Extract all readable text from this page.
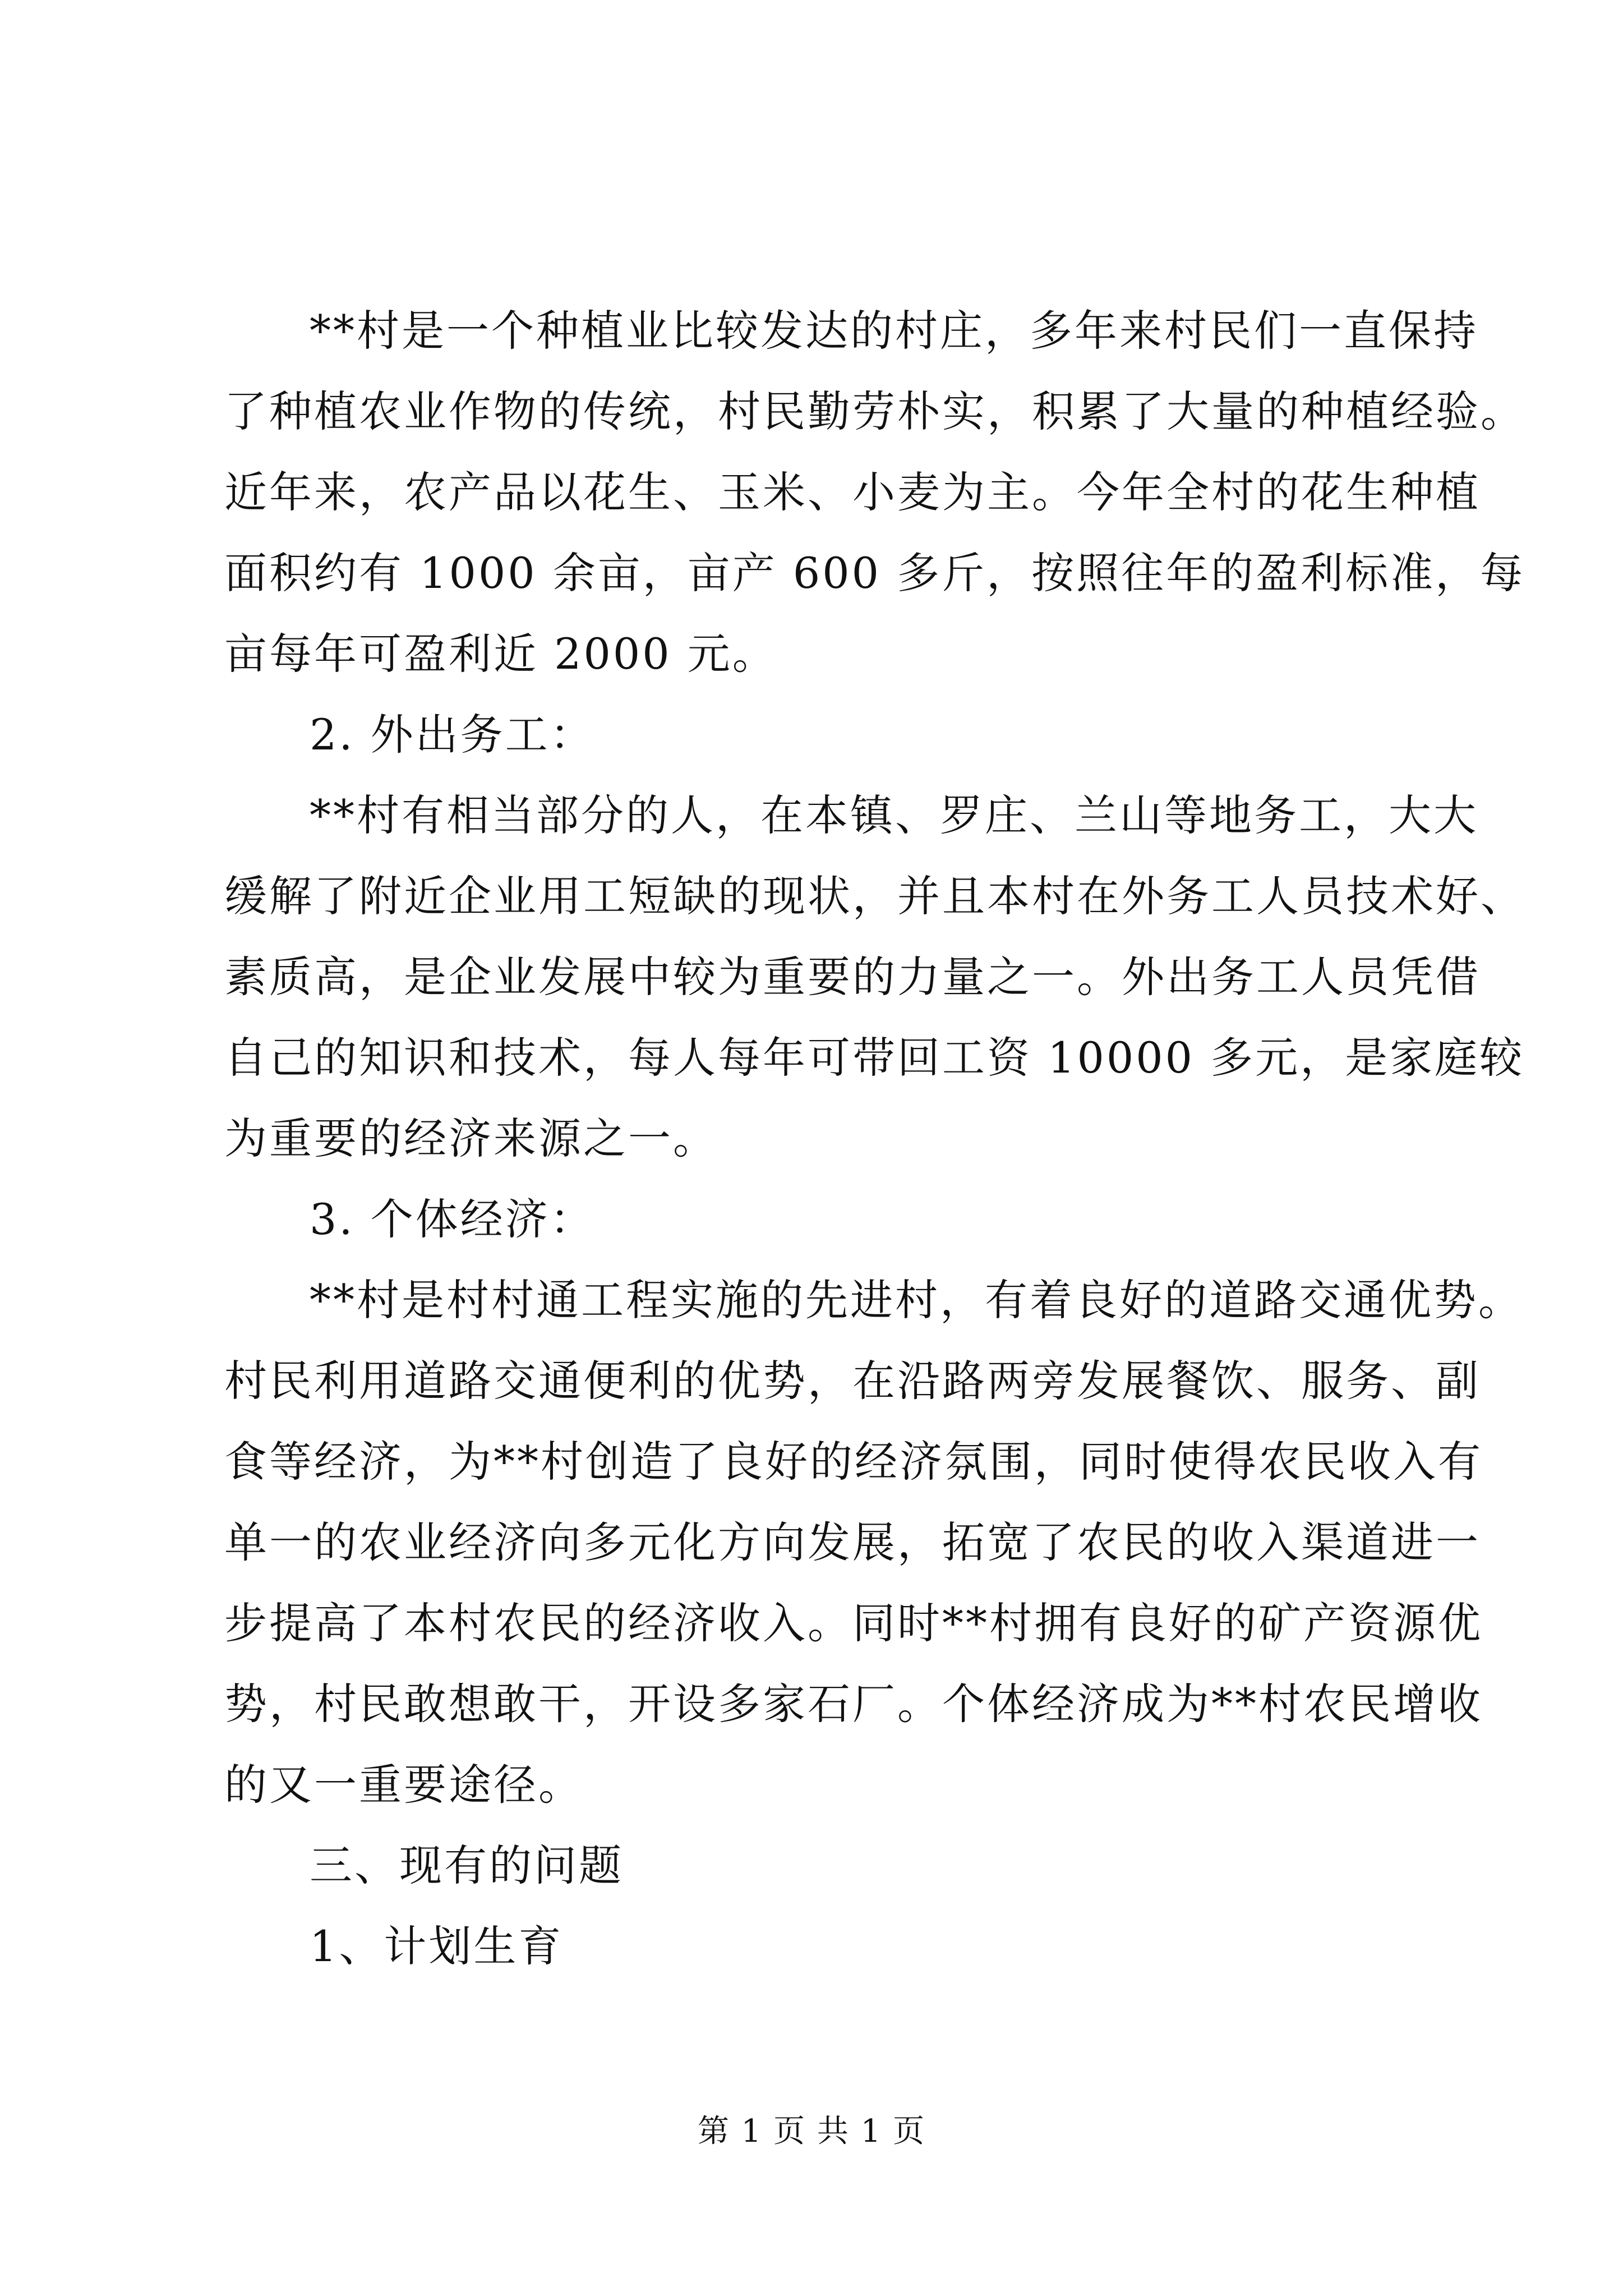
**村是一个种植业比较发达的村庄，多年来村民们一直保持
了种植农业作物的传统，村民勤劳朴实，积累了大量的种植经验。
近年来，农产品以花生、玉米、小麦为主。今年全村的花生种植
面积约有 1000 余亩，亩产 600 多斤，按照往年的盈利标准，每
亩每年可盈利近 2000 元。
2. 外出务工：
**村有相当部分的人，在本镇、罗庄、兰山等地务工，大大
缓解了附近企业用工短缺的现状，并且本村在外务工人员技术好、
素质高，是企业发展中较为重要的力量之一。外出务工人员凭借
自己的知识和技术，每人每年可带回工资 10000 多元，是家庭较
为重要的经济来源之一。
3. 个体经济：
**村是村村通工程实施的先进村，有着良好的道路交通优势。
村民利用道路交通便利的优势，在沿路两旁发展餐饮、服务、副
食等经济，为**村创造了良好的经济氛围，同时使得农民收入有
单一的农业经济向多元化方向发展，拓宽了农民的收入渠道进一
步提高了本村农民的经济收入。同时**村拥有良好的矿产资源优
势，村民敢想敢干，开设多家石厂。个体经济成为**村农民增收
的又一重要途径。
三、现有的问题
1、计划生育
第 1 页 共 1 页
